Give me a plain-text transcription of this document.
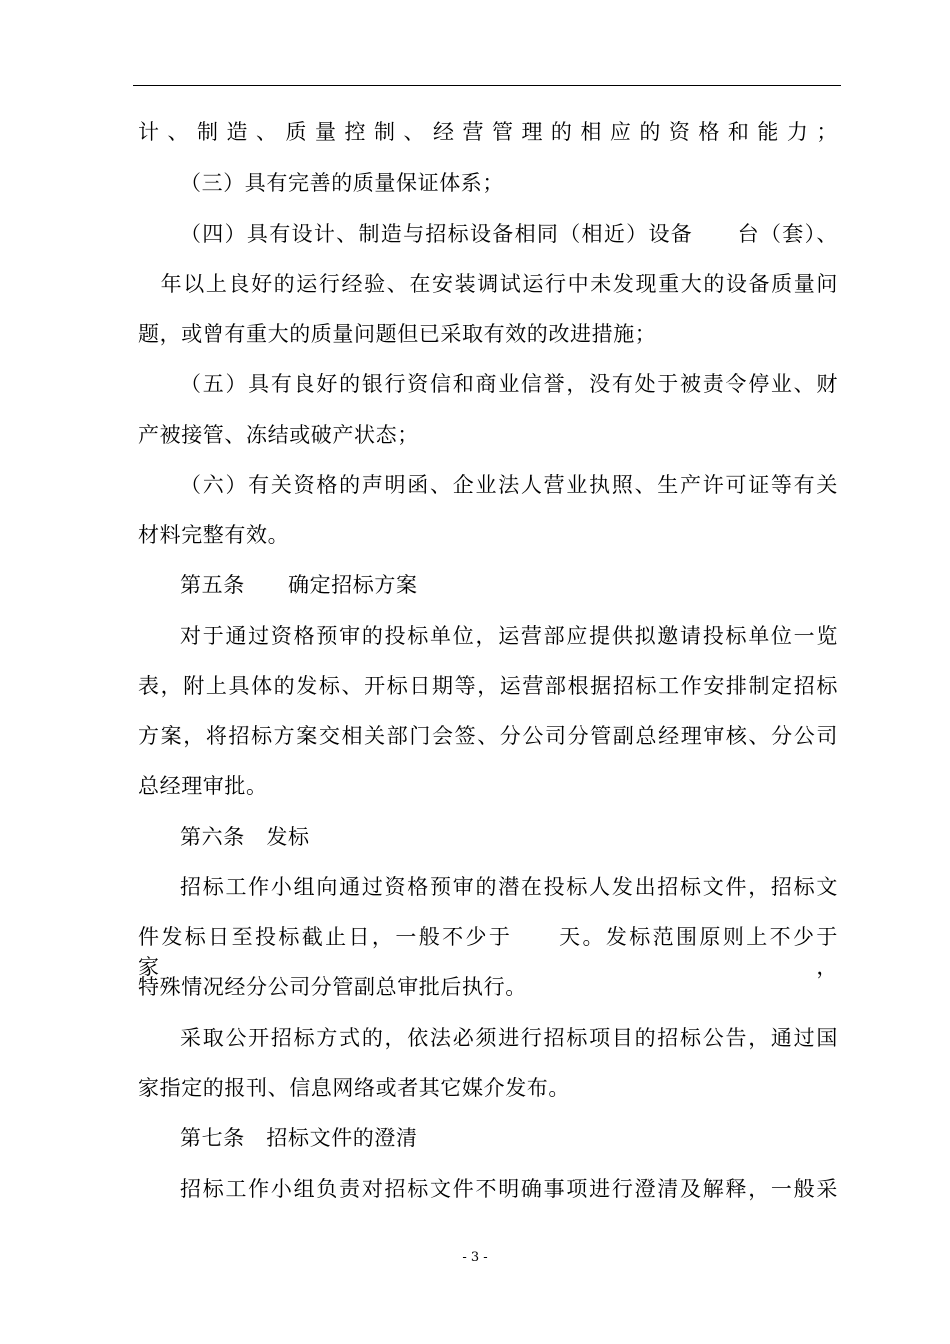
计、制造、质量控制、经营管理的相应的资格和能力；
（三）具有完善的质量保证体系；
（四）具有设计、制造与招标设备相同（相近）设备　　台（套）、
　年以上良好的运行经验、在安装调试运行中未发现重大的设备质量问
题，或曾有重大的质量问题但已采取有效的改进措施；
（五）具有良好的银行资信和商业信誉，没有处于被责令停业、财
产被接管、冻结或破产状态；
（六）有关资格的声明函、企业法人营业执照、生产许可证等有关
材料完整有效。
第五条　　确定招标方案
对于通过资格预审的投标单位，运营部应提供拟邀请投标单位一览
表，附上具体的发标、开标日期等，运营部根据招标工作安排制定招标
方案，将招标方案交相关部门会签、分公司分管副总经理审核、分公司
总经理审批。
第六条　发标
招标工作小组向通过资格预审的潜在投标人发出招标文件，招标文
件发标日至投标截止日，一般不少于　　天。发标范围原则上不少于　家，
特殊情况经分公司分管副总审批后执行。
采取公开招标方式的，依法必须进行招标项目的招标公告，通过国
家指定的报刊、信息网络或者其它媒介发布。
第七条　招标文件的澄清
招标工作小组负责对招标文件不明确事项进行澄清及解释，一般采
- 3 -
